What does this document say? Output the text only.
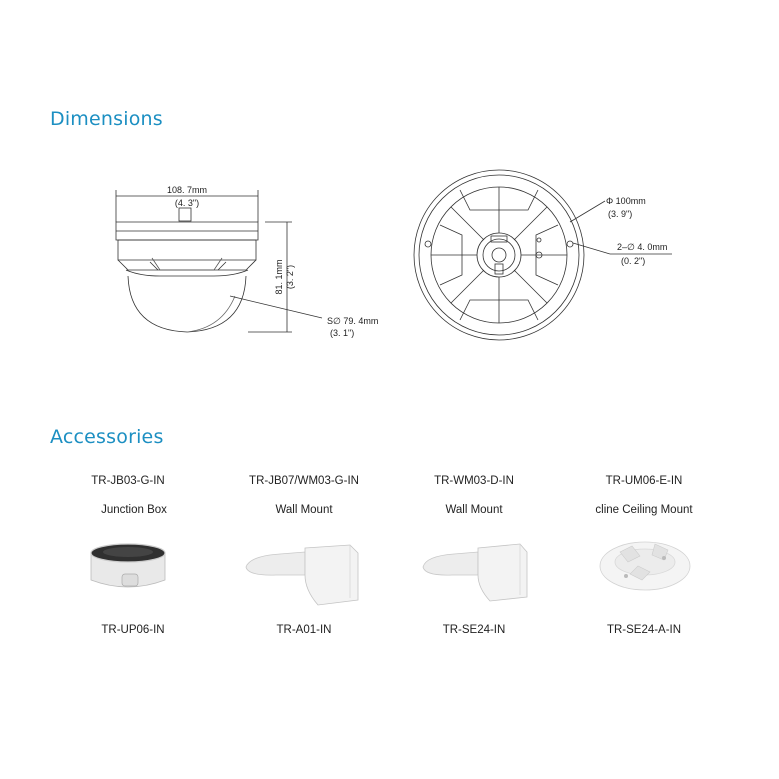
Dimensions
108. 7mm
(4. 3")
81. 1mm (3. 2")
S∅ 79. 4mm
(3. 1")
Φ 100mm
(3. 9")
2–∅ 4. 0mm
(0. 2")
Accessories
TR-JB03-G-IN	TR-JB07/WM03-G-IN	TR-WM03-D-IN	TR-UM06-E-IN
Junction Box	Wall Mount	Wall Mount	cline Ceiling Mount
TR-UP06-IN	TR-A01-IN	TR-SE24-IN	TR-SE24-A-IN
